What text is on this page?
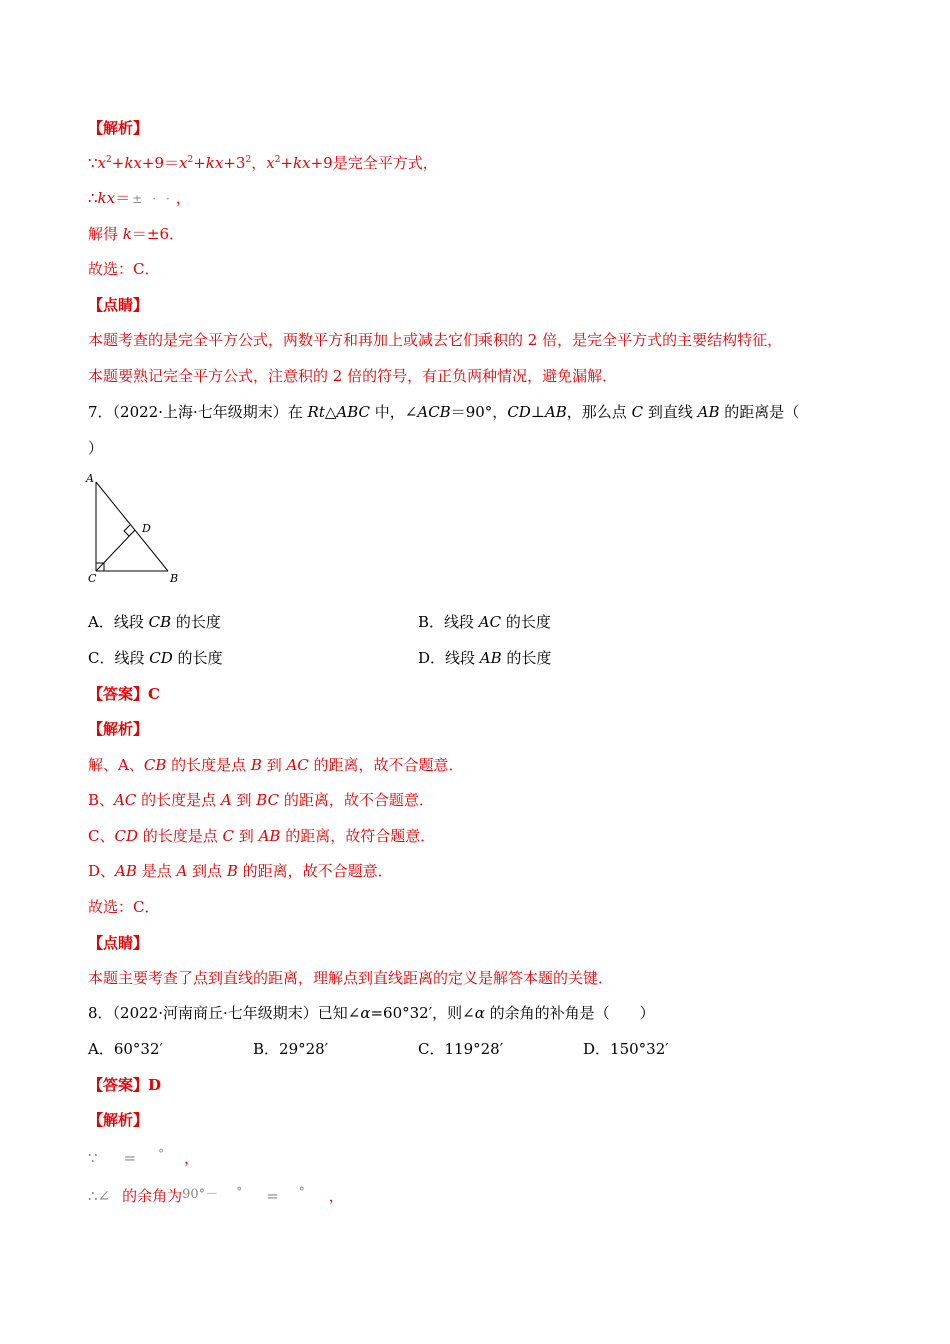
【解析】
$\because x^2+kx+9=x^2+kx+3^2$，$x^2+kx+9$是完全平方式，
∴kx＝ ± · · ，
解得 k＝±6．
故选：C．
【点睛】
本题考查的是完全平方公式，两数平方和再加上或减去它们乘积的 2 倍，是完全平方式的主要结构特征，
本题要熟记完全平方公式，注意积的 2 倍的符号，有正负两种情况，避免漏解．
7．（2022·上海·七年级期末）在 Rt△ABC 中，∠ACB＝90°，CD⊥AB，那么点 C 到直线 AB 的距离是（
）
A
B
C
D
A．线段 CB 的长度	B．线段 AC 的长度
C．线段 CD 的长度	D．线段 AB 的长度
【答案】C
【解析】
解、A、CB 的长度是点 B 到 AC 的距离，故不合题意．
B、AC 的长度是点 A 到 BC 的距离，故不合题意．
C、CD 的长度是点 C 到 AB 的距离，故符合题意．
D、AB 是点 A 到点 B 的距离，故不合题意．
故选：C．
【点睛】
本题主要考查了点到直线的距离，理解点到直线距离的定义是解答本题的关键．
8．（2022·河南商丘·七年级期末）已知∠α=60°32′，则∠α 的余角的补角是（　　）
A．60°32′	B．29°28′	C．119°28′	D．150°32′
【答案】D
【解析】
∵ = ° ，
∴∠ 的余角为90°－ ° = ° ，
